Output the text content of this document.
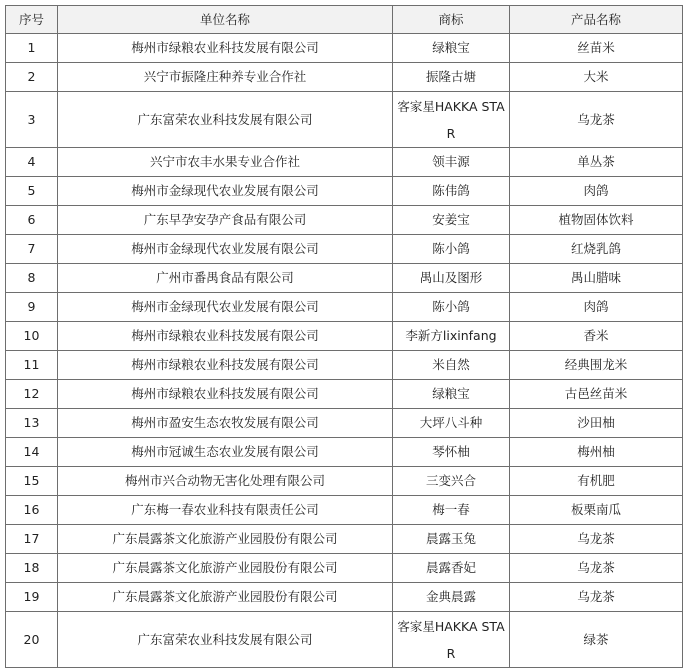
序号	单位名称	商标	产品名称
1	梅州市绿粮农业科技发展有限公司	绿粮宝	丝苗米
2	兴宁市振隆庄种养专业合作社	振隆古塘	大米
3	广东富荣农业科技发展有限公司	客家星HAKKA STAR	乌龙茶
4	兴宁市农丰水果专业合作社	领丰源	单丛茶
5	梅州市金绿现代农业发展有限公司	陈伟鸽	肉鸽
6	广东早孕安孕产食品有限公司	安姜宝	植物固体饮料
7	梅州市金绿现代农业发展有限公司	陈小鸽	红烧乳鸽
8	广州市番禺食品有限公司	禺山及图形	禺山腊味
9	梅州市金绿现代农业发展有限公司	陈小鸽	肉鸽
10	梅州市绿粮农业科技发展有限公司	李新方lixinfang	香米
11	梅州市绿粮农业科技发展有限公司	米自然	经典围龙米
12	梅州市绿粮农业科技发展有限公司	绿粮宝	古邑丝苗米
13	梅州市盈安生态农牧发展有限公司	大坪八斗种	沙田柚
14	梅州市冠诚生态农业发展有限公司	琴怀柚	梅州柚
15	梅州市兴合动物无害化处理有限公司	三变兴合	有机肥
16	广东梅一春农业科技有限责任公司	梅一春	板栗南瓜
17	广东晨露茶文化旅游产业园股份有限公司	晨露玉兔	乌龙茶
18	广东晨露茶文化旅游产业园股份有限公司	晨露香妃	乌龙茶
19	广东晨露茶文化旅游产业园股份有限公司	金典晨露	乌龙茶
20	广东富荣农业科技发展有限公司	客家星HAKKA STAR	绿茶
